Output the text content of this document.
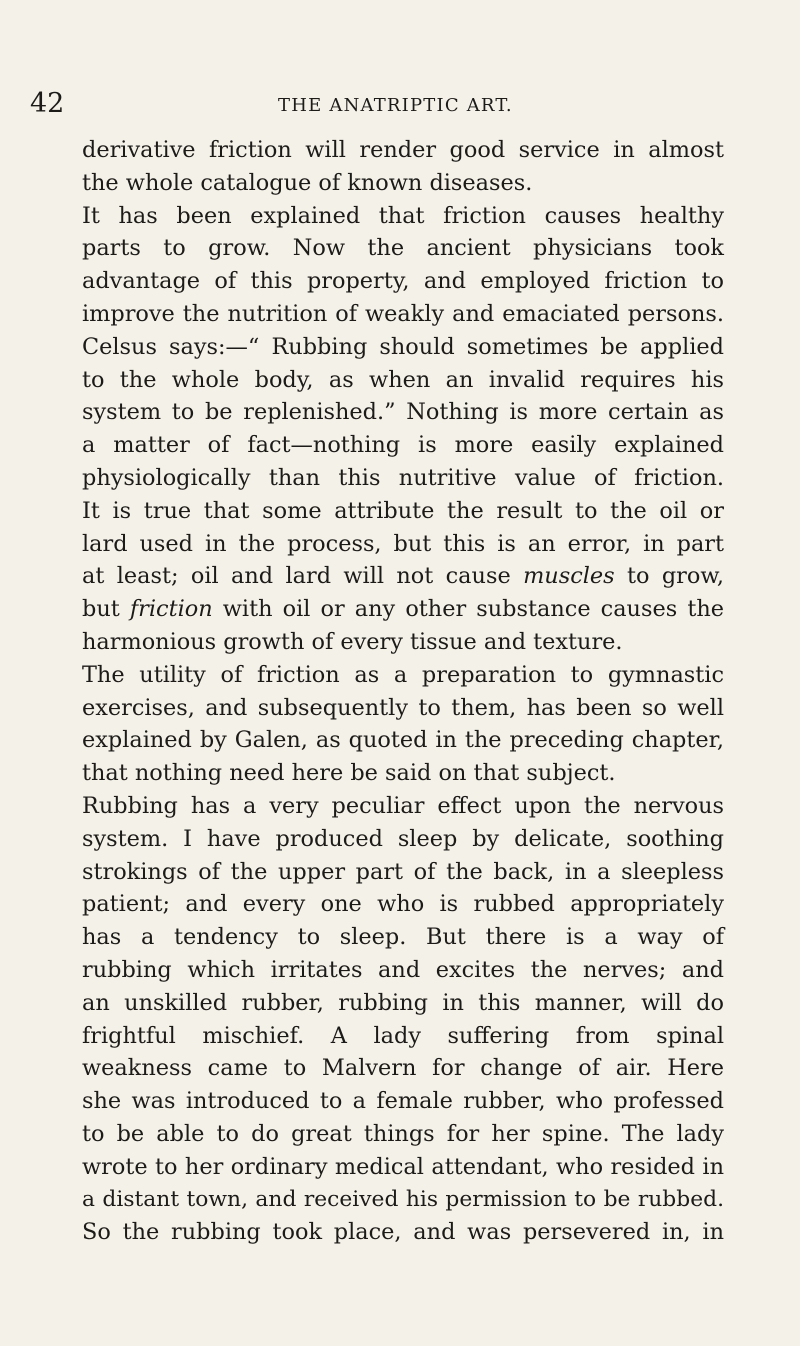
42	THE ANATRIPTIC ART.
derivative friction will render good service in almost
the whole catalogue of known diseases.
It has been explained that friction causes healthy
parts to grow. Now the ancient physicians took
advantage of this property, and employed friction to
improve the nutrition of weakly and emaciated persons.
Celsus says:—“ Rubbing should sometimes be applied
to the whole body, as when an invalid requires his
system to be replenished.” Nothing is more certain as
a matter of fact—nothing is more easily explained
physiologically than this nutritive value of friction.
It is true that some attribute the result to the oil or
lard used in the process, but this is an error, in part
at least; oil and lard will not cause muscles to grow,
but friction with oil or any other substance causes the
harmonious growth of every tissue and texture.
The utility of friction as a preparation to gymnastic
exercises, and subsequently to them, has been so well
explained by Galen, as quoted in the preceding chapter,
that nothing need here be said on that subject.
Rubbing has a very peculiar effect upon the nervous
system. I have produced sleep by delicate, soothing
strokings of the upper part of the back, in a sleepless
patient; and every one who is rubbed appropriately
has a tendency to sleep. But there is a way of
rubbing which irritates and excites the nerves; and
an unskilled rubber, rubbing in this manner, will do
frightful mischief. A lady suffering from spinal
weakness came to Malvern for change of air. Here
she was introduced to a female rubber, who professed
to be able to do great things for her spine. The lady
wrote to her ordinary medical attendant, who resided in
a distant town, and received his permission to be rubbed.
So the rubbing took place, and was persevered in, in
